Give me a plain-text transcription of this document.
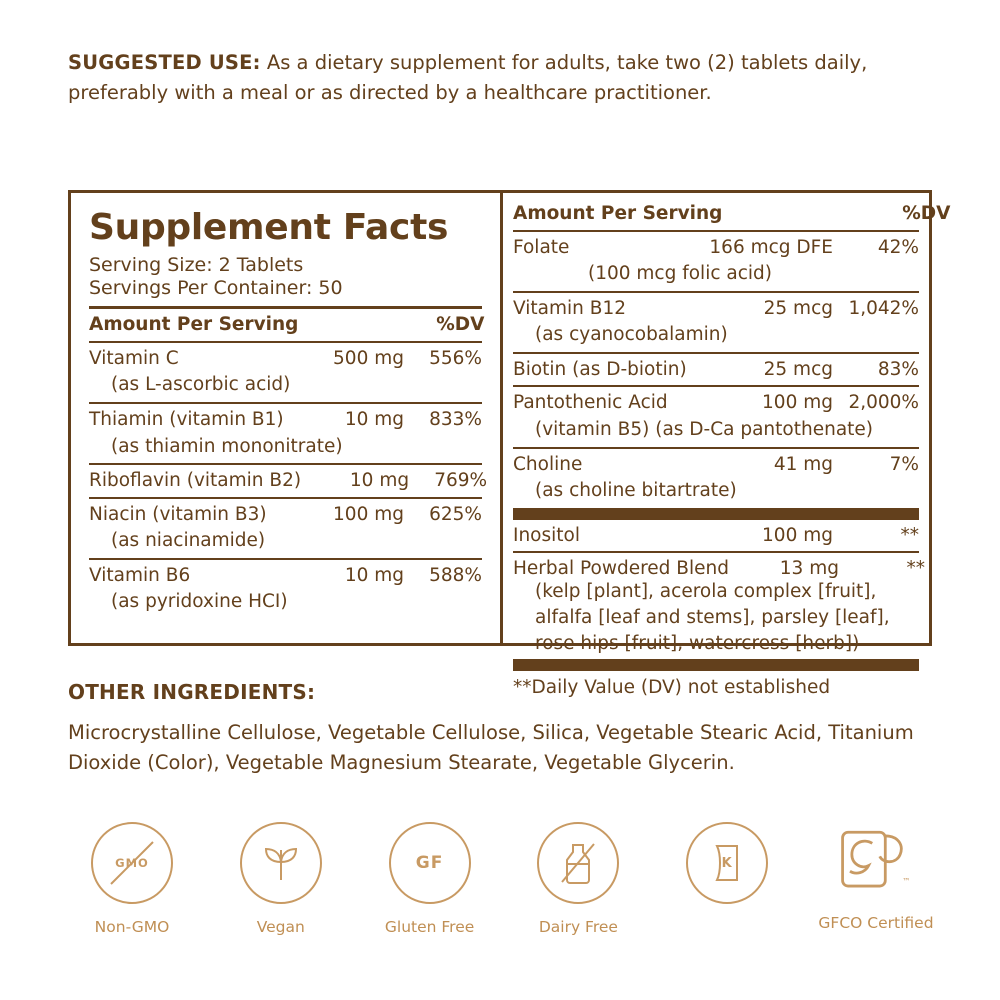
SUGGESTED USE: As a dietary supplement for adults, take two (2) tablets daily, preferably with a meal or as directed by a healthcare practitioner.
Supplement Facts
Serving Size: 2 Tablets
Servings Per Container: 50
Amount Per Serving	%DV
Vitamin C	500 mg	556%
(as L-ascorbic acid)
Thiamin (vitamin B1)	10 mg	833%
(as thiamin mononitrate)
Riboflavin (vitamin B2)	10 mg	769%
Niacin (vitamin B3)	100 mg	625%
(as niacinamide)
Vitamin B6	10 mg	588%
(as pyridoxine HCI)
Amount Per Serving	%DV
Folate	166 mcg DFE	42%
(100 mcg folic acid)
Vitamin B12	25 mcg 1,042%
(as cyanocobalamin)
Biotin (as D-biotin)	25 mcg	83%
Pantothenic Acid	100 mg 2,000%
(vitamin B5) (as D-Ca pantothenate)
Choline	41 mg	7%
(as choline bitartrate)
Inositol	100 mg	**
Herbal Powdered Blend	13 mg	**
(kelp [plant], acerola complex [fruit],
alfalfa [leaf and stems], parsley [leaf],
rose hips [fruit], watercress [herb])
**Daily Value (DV) not established
OTHER INGREDIENTS:
Microcrystalline Cellulose, Vegetable Cellulose, Silica, Vegetable Stearic Acid, Titanium Dioxide (Color), Vegetable Magnesium Stearate, Vegetable Glycerin.
GMO
Non-GMO	Vegan
GF
Gluten Free	Dairy Free
K
™
GFCO Certified
